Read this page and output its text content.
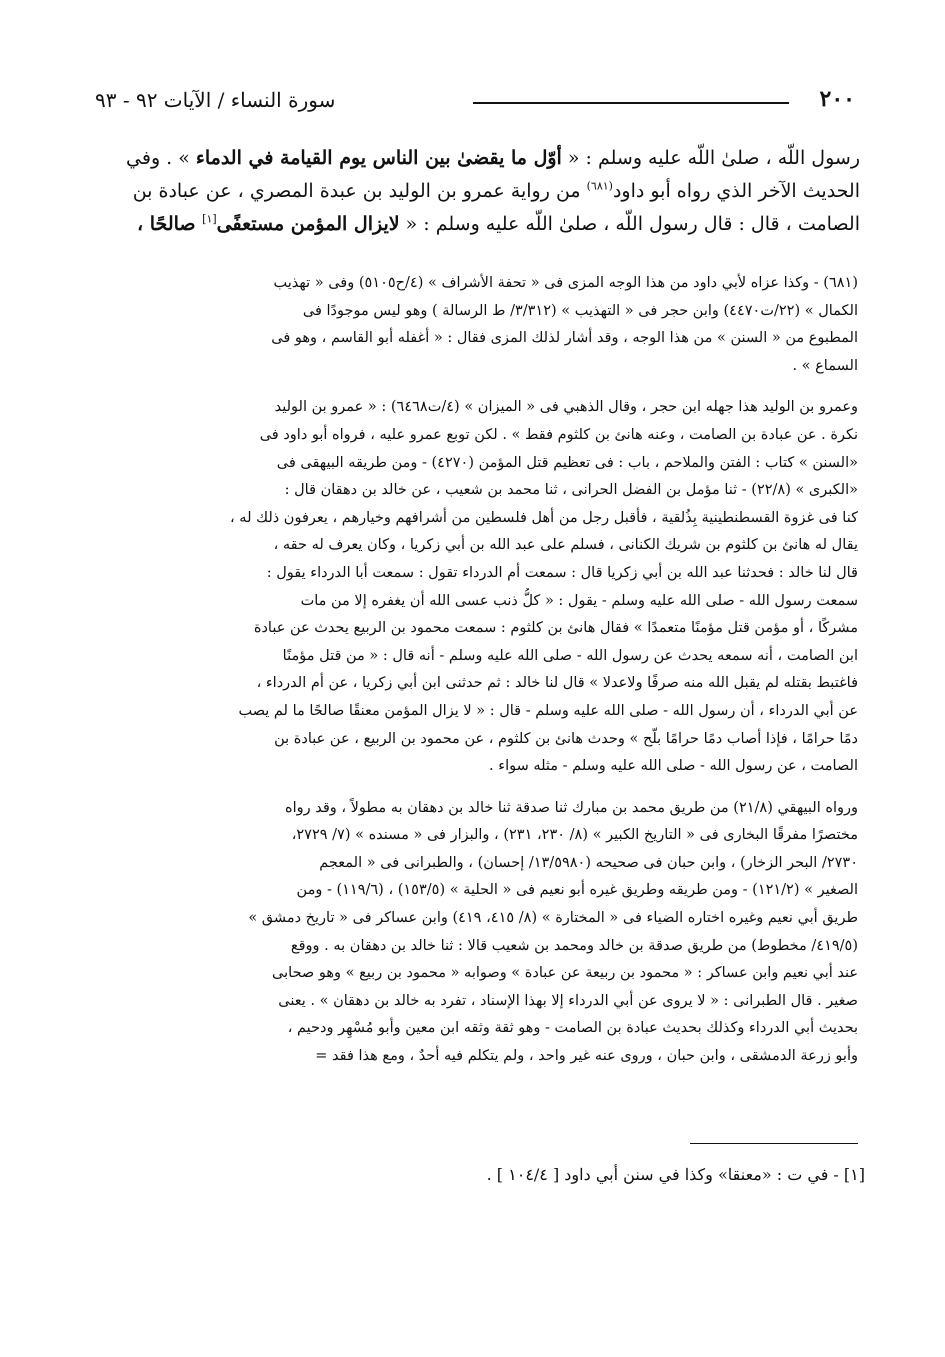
٢٠٠
سورة النساء / الآيات ٩٢ - ٩٣
رسول اللّه ، صلىٰ اللّه عليه وسلم : « أوّل ما يقضىٰ بين الناس يوم القيامة في الدماء » . وفي
الحديث الآخر الذي رواه أبو داود$^{(٦٨١)}$ من رواية عمرو بن الوليد بن عبدة المصري ، عن عبادة بن
الصامت ، قال : قال رسول اللّه ، صلىٰ اللّه عليه وسلم : « لايزال المؤمن مستعفًى[١] صالحًا ،
(٦٨١) - وكذا عزاه لأبي داود من هذا الوجه المزى فى « تحفة الأشراف » (٤/ح٥١٠٥) وفى « تهذيب
الكمال » (٢٢/ت٤٤٧٠) وابن حجر فى « التهذيب » (٣/٣١٢/ ط الرسالة ) وهو ليس موجودًا فى
المطبوع من « السنن » من هذا الوجه ، وقد أشار لذلك المزى فقال : « أغفله أبو القاسم ، وهو فى
السماع » .
وعمرو بن الوليد هذا جهله ابن حجر ، وقال الذهبي فى « الميزان » (٤/ت٦٤٦٨) : « عمرو بن الوليد
نكرة . عن عبادة بن الصامت ، وعنه هانئ بن كلثوم فقط » . لكن توبع عمرو عليه ، فرواه أبو داود فى
«السنن » كتاب : الفتن والملاحم ، باب : فى تعظيم قتل المؤمن (٤٢٧٠) - ومن طريقه البيهقى فى
«الكبرى » (٢٢/٨) - ثنا مؤمل بن الفضل الحرانى ، ثنا محمد بن شعيب ، عن خالد بن دهقان قال :
كنا فى غزوة القسطنطينية بِذُلقية ، فأقبل رجل من أهل فلسطين من أشرافهم وخيارهم ، يعرفون ذلك له ،
يقال له هانئ بن كلثوم بن شريك الكنانى ، فسلم على عبد الله بن أبي زكريا ، وكان يعرف له حقه ،
قال لنا خالد : فحدثنا عبد الله بن أبي زكريا قال : سمعت أم الدرداء تقول : سمعت أبا الدرداء يقول :
سمعت رسول الله - صلى الله عليه وسلم - يقول : « كلُّ ذنب عسى الله أن يغفره إلا من مات
مشركًا ، أو مؤمن قتل مؤمنًا متعمدًا » فقال هانئ بن كلثوم : سمعت محمود بن الربيع يحدث عن عبادة
ابن الصامت ، أنه سمعه يحدث عن رسول الله - صلى الله عليه وسلم - أنه قال : « من قتل مؤمنًا
فاغتبط بقتله لم يقبل الله منه صرفًا ولاعدلا » قال لنا خالد : ثم حدثنى ابن أبي زكريا ، عن أم الدرداء ،
عن أبي الدرداء ، أن رسول الله - صلى الله عليه وسلم - قال : « لا يزال المؤمن معنقًا صالحًا ما لم يصب
دمًا حرامًا ، فإذا أصاب دمًا حرامًا بلّح » وحدث هانئ بن كلثوم ، عن محمود بن الربيع ، عن عبادة بن
الصامت ، عن رسول الله - صلى الله عليه وسلم - مثله سواء .
ورواه البيهقي (٢١/٨) من طريق محمد بن مبارك ثنا صدقة ثنا خالد بن دهقان به مطولاً ، وقد رواه
مختصرًا مفرقًا البخارى فى « التاريخ الكبير » (٨/ ٢٣٠، ٢٣١) ، والبزار فى « مسنده » (٧/ ٢٧٢٩،
٢٧٣٠/ البحر الزخار) ، وابن حبان فى صحيحه (١٣/٥٩٨٠/ إحسان) ، والطبرانى فى « المعجم
الصغير » (١٢١/٢) - ومن طريقه وطريق غيره أبو نعيم فى « الحلية » (١٥٣/٥) ، (١١٩/٦) - ومن
طريق أبي نعيم وغيره اختاره الضياء فى « المختارة » (٨/ ٤١٥، ٤١٩) وابن عساكر فى « تاريخ دمشق »
(٤١٩/٥/ مخطوط) من طريق صدقة بن خالد ومحمد بن شعيب قالا : ثنا خالد بن دهقان به . ووقع
عند أبي نعيم وابن عساكر : « محمود بن ربيعة عن عبادة » وصوابه « محمود بن ربيع » وهو صحابى
صغير . قال الطبرانى : « لا يروى عن أبي الدرداء إلا بهذا الإسناد ، تفرد به خالد بن دهقان » . يعنى
بحديث أبي الدرداء وكذلك بحديث عبادة بن الصامت - وهو ثقة وثقه ابن معين وأبو مُسْهِر ودحيم ،
وأبو زرعة الدمشقى ، وابن حبان ، وروى عنه غير واحد ، ولم يتكلم فيه أحدٌ ، ومع هذا فقد =
[١] - في ت : «معنقا» وكذا في سنن أبي داود [ ١٠٤/٤ ] .
